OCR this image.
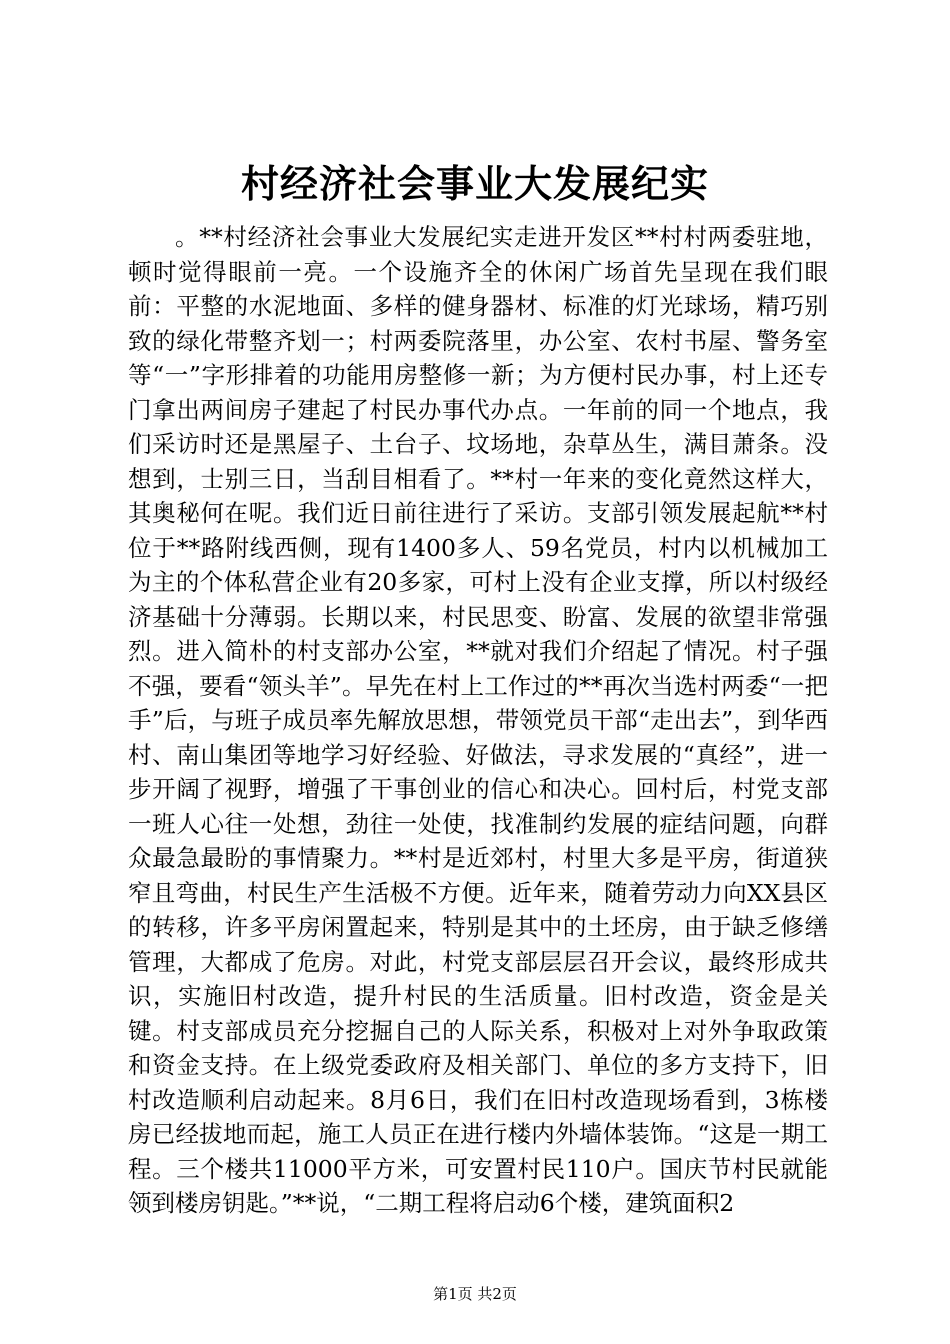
村经济社会事业大发展纪实

。**村经济社会事业大发展纪实走进开发区**村村两委驻地，顿时觉得眼前一亮。一个设施齐全的休闲广场首先呈现在我们眼前：平整的水泥地面、多样的健身器材、标准的灯光球场，精巧别致的绿化带整齐划一；村两委院落里，办公室、农村书屋、警务室等“一”字形排着的功能用房整修一新；为方便村民办事，村上还专门拿出两间房子建起了村民办事代办点。一年前的同一个地点，我们采访时还是黑屋子、土台子、坟场地，杂草丛生，满目萧条。没想到，士别三日，当刮目相看了。**村一年来的变化竟然这样大，其奥秘何在呢。我们近日前往进行了采访。支部引领发展起航**村位于**路附线西侧，现有1400多人、59名党员，村内以机械加工为主的个体私营企业有20多家，可村上没有企业支撑，所以村级经济基础十分薄弱。长期以来，村民思变、盼富、发展的欲望非常强烈。进入简朴的村支部办公室，**就对我们介绍起了情况。村子强不强，要看“领头羊”。早先在村上工作过的**再次当选村两委“一把手”后，与班子成员率先解放思想，带领党员干部“走出去”，到华西村、南山集团等地学习好经验、好做法，寻求发展的“真经”，进一步开阔了视野，增强了干事创业的信心和决心。回村后，村党支部一班人心往一处想，劲往一处使，找准制约发展的症结问题，向群众最急最盼的事情聚力。**村是近郊村，村里大多是平房，街道狭窄且弯曲，村民生产生活极不方便。近年来，随着劳动力向XX县区的转移，许多平房闲置起来，特别是其中的土坯房，由于缺乏修缮管理，大都成了危房。对此，村党支部层层召开会议，最终形成共识，实施旧村改造，提升村民的生活质量。旧村改造，资金是关键。村支部成员充分挖掘自己的人际关系，积极对上对外争取政策和资金支持。在上级党委政府及相关部门、单位的多方支持下，旧村改造顺利启动起来。8月6日，我们在旧村改造现场看到，3栋楼房已经拔地而起，施工人员正在进行楼内外墙体装饰。“这是一期工程。三个楼共11000平方米，可安置村民110户。国庆节村民就能领到楼房钥匙。”**说，“二期工程将启动6个楼，建筑面积2

第1页 共2页
